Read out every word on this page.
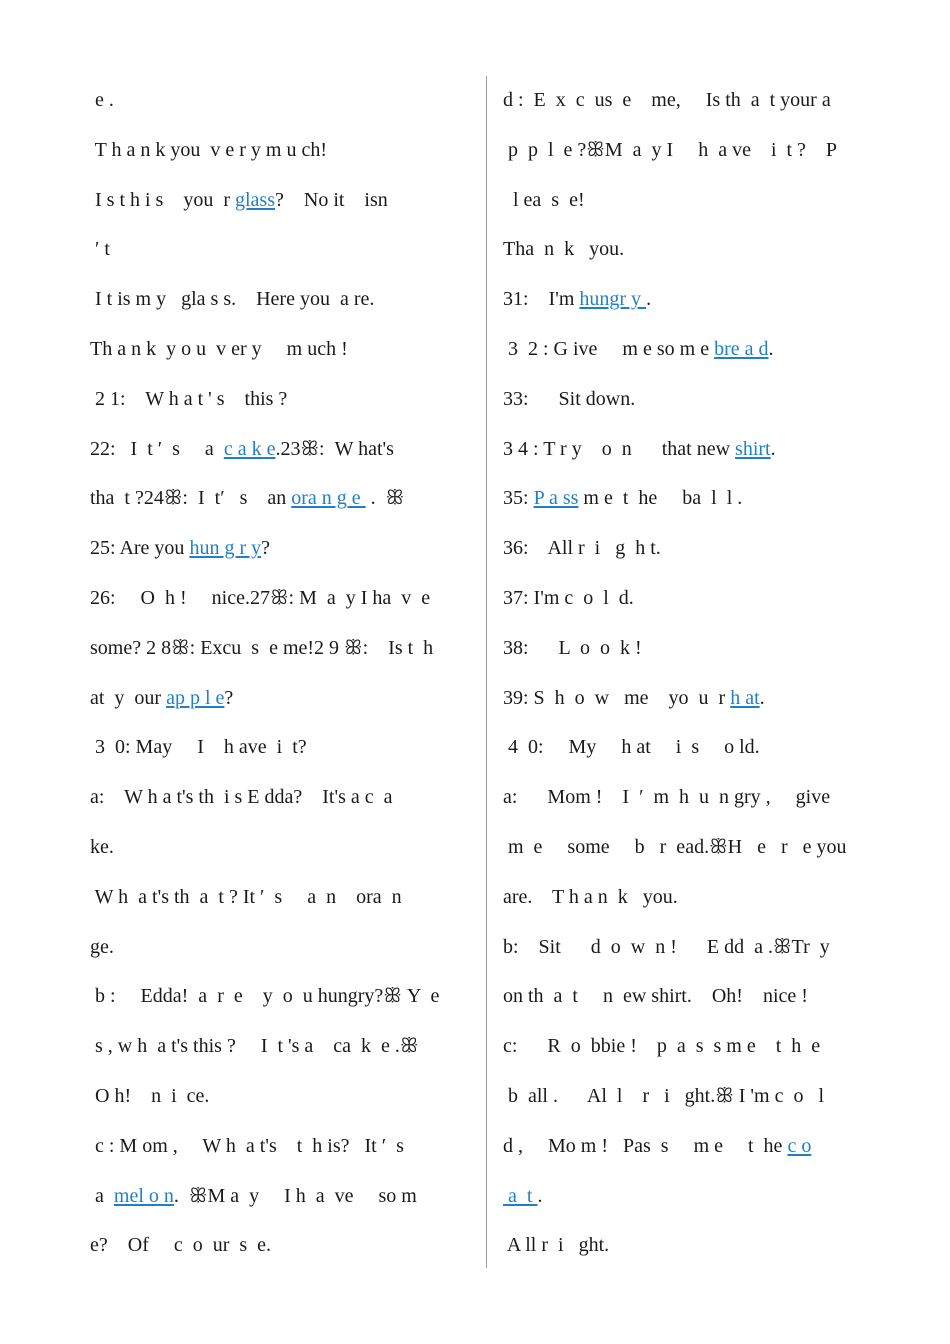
e .
T h a n k you  v e r y m u ch!
I s t h i s    you  r glass?    No it    isn
′ t
I t is m y   gla s s.    Here you  a re.
Th a n k  y o u  v er y     m uch !
2 1:    W h a t ' s    this ?
22:   I  t ′  s     a  c a k e.23ꕥ:  W hat's
tha  t ?24ꕥ:  I  t′   s    an ora n g e  .  ꕥ
25: Are you hun g r y?
26:     O  h !     nice.27ꕥ: M  a  y I ha  v  e
some? 2 8ꕥ: Excu  s  e me!2 9 ꕥ:    Is t  h
at  y  our ap p l e?
3  0: May     I    h ave  i  t?
a:    W h a t's th  i s E dda?    It's a c  a
ke.
W h  a t's th  a  t ? It ′  s     a  n    ora  n
ge.
b :     Edda!  a  r  e    y  o  u hungry?ꕥ Y  e
s , w h  a t's this ?     I  t 's a    ca  k  e .ꕥ
O h!    n  i  ce.
c : M om ,     W h  a t's    t  h is?   It ′  s
a  mel o n.  ꕥM a  y     I h  a  ve     so m
e?    Of     c  o  ur  s  e.
d :  E  x  c  us  e    me,     Is th  a  t your a
p  p  l  e ?ꕥM  a  y I     h  a ve    i  t ?    P
l ea  s  e!
Tha  n  k   you.
31:    I'm hungr y .
3  2 : G ive     m e so m e bre a d.
33:      Sit down.
3 4 : T r y    o  n      that new shirt.
35: P a ss m e  t  he     ba  l  l .
36:    All r  i   g  h t.
37: I'm c  o  l  d.
38:      L  o  o  k !
39: S  h  o  w   me    yo  u  r h at.
4  0:     My     h at     i  s     o ld.
a:      Mom !    I  ′  m  h  u  n gry ,     give
m  e     some     b   r  ead.ꕥH   e   r   e you
are.    T h a n  k   you.
b:    Sit      d  o  w  n !      E dd  a .ꕥTr  y
on th  a  t     n  ew shirt.    Oh!    nice !
c:      R  o  bbie !    p  a  s  s m e    t  h  e
b  all .      Al  l    r   i   ght.ꕥ I 'm c  o   l
d ,     Mo m !   Pas  s     m e     t  he c o
a  t .
A ll r  i   ght.
